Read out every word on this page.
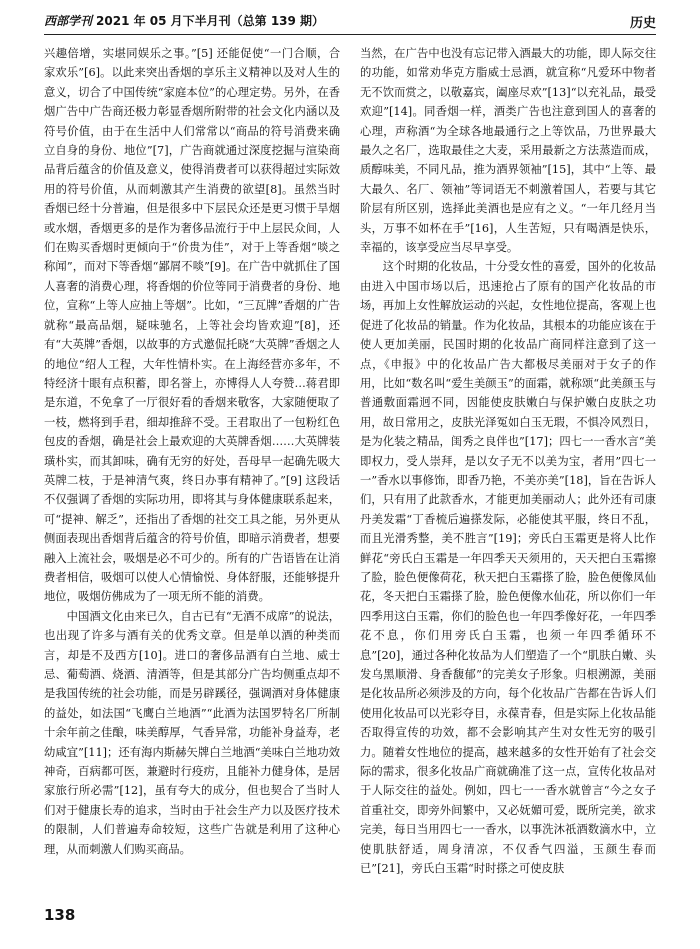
西部学刊 2021 年 05 月下半月刊（总第 139 期）	历史

兴趣倍增，实堪同娱乐之事。”[5] 还能促使“一门合顺，合家欢乐”[6]。以此来突出香烟的享乐主义精神以及对人生的意义，切合了中国传统“家庭本位”的心理定势。另外，在香烟广告中广告商还极力彰显香烟所附带的社会文化内涵以及符号价值，由于在生活中人们常常以“商品的符号消费来确立自身的身份、地位”[7]，广告商就通过深度挖掘与渲染商品背后蕴含的价值及意义，使得消费者可以获得超过实际效用的符号价值，从而刺激其产生消费的欲望[8]。虽然当时香烟已经十分普遍，但是很多中下层民众还是更习惯于旱烟或水烟，香烟更多的是作为奢侈品流行于中上层民众间，人们在购买香烟时更倾向于“价贵为佳”，对于上等香烟“啖之称闻”，而对下等香烟“鄙屑不啖”[9]。在广告中就抓住了国人喜奢的消费心理，将香烟的价位等同于消费者的身份、地位，宣称“上等人应抽上等烟”。比如，“三瓦牌”香烟的广告就称“最高品烟，疑味驰名，上等社会均皆欢迎”[8]，还有“大英牌”香烟，以故事的方式邀侃托晓“大英牌”香烟之人的地位“绍人工程，大年性情朴实。在上海经营亦多年，不特经济十眼有点积蓄，即名誉上，亦博得人人夸赞…蒋君即是东道，不免拿了一厅很好看的香烟来敬客，大家随便取了一枝，燃将到手君，细却推辞不受。王君取出了一包粉红色包皮的香烟，确是社会上最欢迎的大英牌香烟……大英牌装璜朴实，而其卸味，确有无穷的好处，吾母早一起确先吸大英牌二枝，于是神清气爽，终日办事有精神了。”[9] 这段话不仅强调了香烟的实际功用，即将其与身体健康联系起来，可“提神、解乏”，还指出了香烟的社交工具之能，另外更从侧面表现出香烟背后蕴含的符号价值，即暗示消费者，想要融入上流社会，吸烟是必不可少的。所有的广告语皆在让消费者相信，吸烟可以使人心情愉悦、身体舒服，还能够提升地位，吸烟仿佛成为了一项无所不能的消费。

中国酒文化由来已久，自古已有“无酒不成席”的说法，也出现了许多与酒有关的优秀文章。但是单以酒的种类而言，却是不及西方[10]。进口的奢侈品酒有白兰地、威士忌、葡萄酒、烧酒、清酒等，但是其部分广告均侧重点却不是我国传统的社会功能，而是另辟蹊径，强调酒对身体健康的益处，如法国“飞鹰白兰地酒”“此酒为法国罗特名厂所制十余年前之佳酿，味美醇厚，气香异常，功能补身益寿，老幼咸宜”[11]；还有海内斯赫矢牌白兰地酒“美味白兰地功效神奇，百病都可医，兼避时行疫疠，且能补力健身体，是居家旅行所必需”[12]，虽有夸大的成分，但也契合了当时人们对于健康长寿的追求，当时由于社会生产力以及医疗技术的限制，人们普遍寿命较短，这些广告就是利用了这种心理，从而刺激人们购买商品。

当然，在广告中也没有忘记带入酒最大的功能，即人际交往的功能，如常劝华克方脂威士忌酒，就宣称“凡爱环中物者无不饮而赏之，以敬嘉宾，阖座尽欢”[13]“以充礼品，最受欢迎”[14]。同香烟一样，酒类广告也注意到国人的喜奢的心理，声称酒“为全球各地最通行之上等饮品，乃世界最大最久之名厂，选取最佳之大麦，采用最新之方法蒸造而成，质醇味美，不同凡品，推为酒界领袖”[15]，其中“上等、最大最久、名厂、领袖”等词语无不刺激着国人，若要与其它阶层有所区别，选择此美酒也是应有之义。“一年几经月当头，万事不如杯在手”[16]，人生苦短，只有喝酒是快乐，幸福的，该享受应当尽早享受。

这个时期的化妆品，十分受女性的喜爱，国外的化妆品由进入中国市场以后，迅速抢占了原有的国产化妆品的市场，再加上女性解放运动的兴起，女性地位提高，客观上也促进了化妆品的销量。作为化妆品，其根本的功能应该在于使人更加美丽，民国时期的化妆品广商同样注意到了这一点，《申报》中的化妆品广告大都极尽美丽对于女子的作用，比如“数名叫“爱生美颜玉”的面霜，就称颂“此美颜玉与普通敷面霜迥不同，因能使皮肤嫩白与保护嫩白皮肤之功用，故日常用之，皮肤光泽冤如白玉无瑕，不惧冷风烈日，是为化装之精品，闺秀之良伴也”[17]；四七一一香水言“美即权力，受人崇拜，是以女子无不以美为宝，者用”四七一一”香水以事修饰，即香乃艳，不美亦美”[18]，旨在告诉人们，只有用了此款香水，才能更加美丽动人；此外还有司康丹美发霜“丁香梳后遍搽发际，必能使其平服，终日不乱，而且光滑秀整，美不胜言”[19]；旁氏白玉霜更是将人比作鲜花“旁氏白玉霜是一年四季天天须用的，天天把白玉霜擦了脸，脸色便像荷花，秋天把白玉霜搽了脸，脸色便像凤仙花，冬天把白玉霜搽了脸，脸色便像水仙花，所以你们一年四季用这白玉霜，你们的脸色也一年四季像好花，一年四季　 花不息，你们用旁氏白玉霜，也须一年四季循环不息”[20]，通过各种化妆品为人们塑造了一个“肌肤白嫩、头发乌黑顺滑、身香馥郁”的完美女子形象。归根溯源，美丽是化妆品所必须涉及的方向，每个化妆品广告都在告诉人们使用化妆品可以光彩夺目，永葆青春，但是实际上化妆品能否取得宣传的功效，都不会影响其产生对女性无穷的吸引力。随着女性地位的提高，越来越多的女性开始有了社会交际的需求，很多化妆品广商就确准了这一点，宣传化妆品对于人际交往的益处。例如，四七一一香水就曾言“今之女子首重社交，即旁外间繁中，又必妩媚可爱，既所完美，欲求完美，每日当用四七一一香水，以事洗沐祇酒数滴水中，立使肌肤舒适，周身清凉，不仅香气四溢，玉颜生春而已”[21]，旁氏白玉霜“时时搽之可使皮肤

138
